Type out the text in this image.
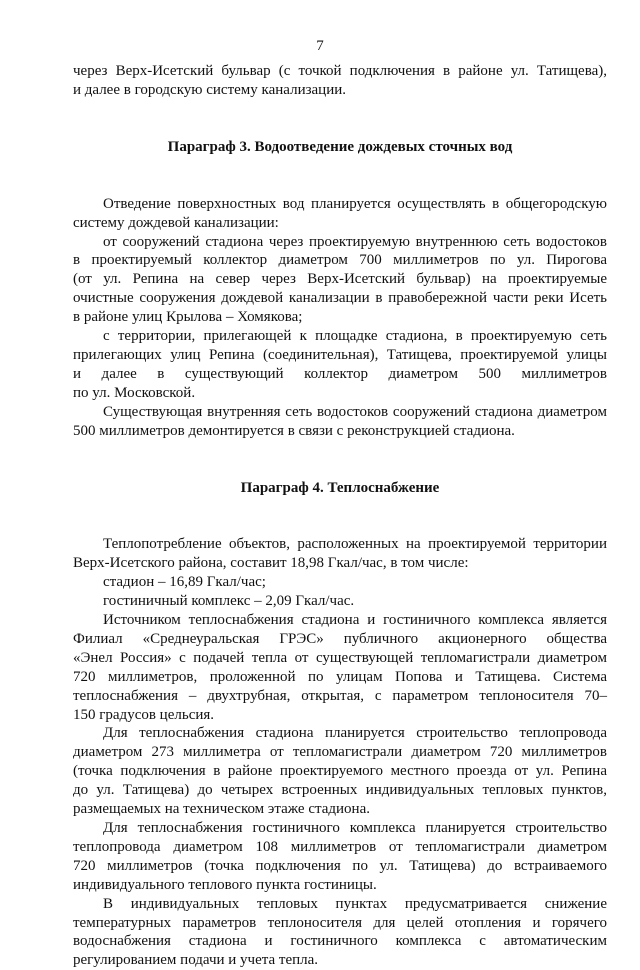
7

через Верх-Исетский бульвар (с точкой подключения в районе ул. Татищева),

и далее в городскую систему канализации.

Параграф 3. Водоотведение дождевых сточных вод

Отведение поверхностных вод планируется осуществлять в общегородскую

систему дождевой канализации:

от сооружений стадиона через проектируемую внутреннюю сеть водостоков

в проектируемый коллектор диаметром 700 миллиметров по ул. Пирогова

(от ул. Репина на север через Верх-Исетский бульвар) на проектируемые

очистные сооружения дождевой канализации в правобережной части реки Исеть

в районе улиц Крылова – Хомякова;

с территории, прилегающей к площадке стадиона, в проектируемую сеть

прилегающих улиц Репина (соединительная), Татищева, проектируемой улицы

и далее в существующий коллектор диаметром 500 миллиметров

по ул. Московской.

Существующая внутренняя сеть водостоков сооружений стадиона диаметром

500 миллиметров демонтируется в связи с реконструкцией стадиона.

Параграф 4. Теплоснабжение

Теплопотребление объектов, расположенных на проектируемой территории

Верх-Исетского района, составит 18,98 Гкал/час, в том числе:

стадион – 16,89 Гкал/час;

гостиничный комплекс – 2,09 Гкал/час.

Источником теплоснабжения стадиона и гостиничного комплекса является

Филиал «Среднеуральская ГРЭС» публичного акционерного общества

«Энел Россия» с подачей тепла от существующей тепломагистрали диаметром

720 миллиметров, проложенной по улицам Попова и Татищева. Система

теплоснабжения – двухтрубная, открытая, с параметром теплоносителя 70–

150 градусов цельсия.

Для теплоснабжения стадиона планируется строительство теплопровода

диаметром 273 миллиметра от тепломагистрали диаметром 720 миллиметров

(точка подключения в районе проектируемого местного проезда от ул. Репина

до ул. Татищева) до четырех встроенных индивидуальных тепловых пунктов,

размещаемых на техническом этаже стадиона.

Для теплоснабжения гостиничного комплекса планируется строительство

теплопровода диаметром 108 миллиметров от тепломагистрали диаметром

720 миллиметров (точка подключения по ул. Татищева) до встраиваемого

индивидуального теплового пункта гостиницы.

В индивидуальных тепловых пунктах предусматривается снижение

температурных параметров теплоносителя для целей отопления и горячего

водоснабжения стадиона и гостиничного комплекса с автоматическим

регулированием подачи и учета тепла.
